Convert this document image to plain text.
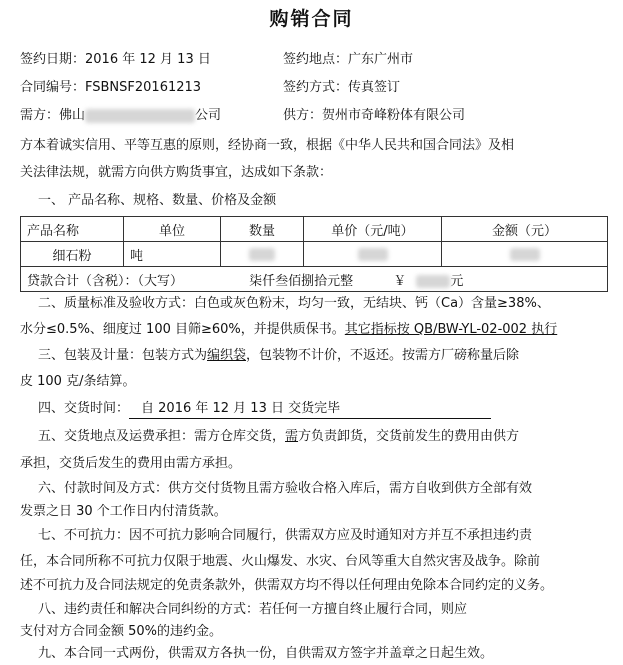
购销合同
签约日期：2016 年 12 月 13 日	签约地点：广东广州市
合同编号：FSBNSF20161213	签约方式：传真签订
需方：佛山	公司	供方：贺州市奇峰粉体有限公司
方本着诚实信用、平等互惠的原则，经协商一致，根据《中华人民共和国合同法》及相
关法律法规，就需方向供方购货事宜，达成如下条款：
一、 产品名称、规格、数量、价格及金额
产品名称	单位	数量	单价（元/吨）	金额（元）
细石粉	吨			
贷款合计（含税）：（大写） 柒仟叁佰捌拾元整 ￥ 元				
二、质量标准及验收方式：白色或灰色粉末，均匀一致，无结块、钙（Ca）含量≥38%、
水分≤0.5%、细度过 100 目筛≥60%，并提供质保书。其它指标按 QB/BW-YL-02-002 执行
三、包装及计量：包装方式为编织袋，包装物不计价，不返还。按需方厂磅称量后除
皮 100 克/条结算。
四、交货时间： 自 2016 年 12 月 13 日 交货完毕
五、交货地点及运费承担：需方仓库交货，需方负责卸货，交货前发生的费用由供方
承担，交货后发生的费用由需方承担。
六、付款时间及方式：供方交付货物且需方验收合格入库后，需方自收到供方全部有效
发票之日 30 个工作日内付清货款。
七、不可抗力：因不可抗力影响合同履行，供需双方应及时通知对方并互不承担违约责
任，本合同所称不可抗力仅限于地震、火山爆发、水灾、台风等重大自然灾害及战争。除前
述不可抗力及合同法规定的免责条款外，供需双方均不得以任何理由免除本合同约定的义务。
八、违约责任和解决合同纠纷的方式：若任何一方擅自终止履行合同，则应
支付对方合同金额 50%的违约金。
九、本合同一式两份，供需双方各执一份，自供需双方签字并盖章之日起生效。
